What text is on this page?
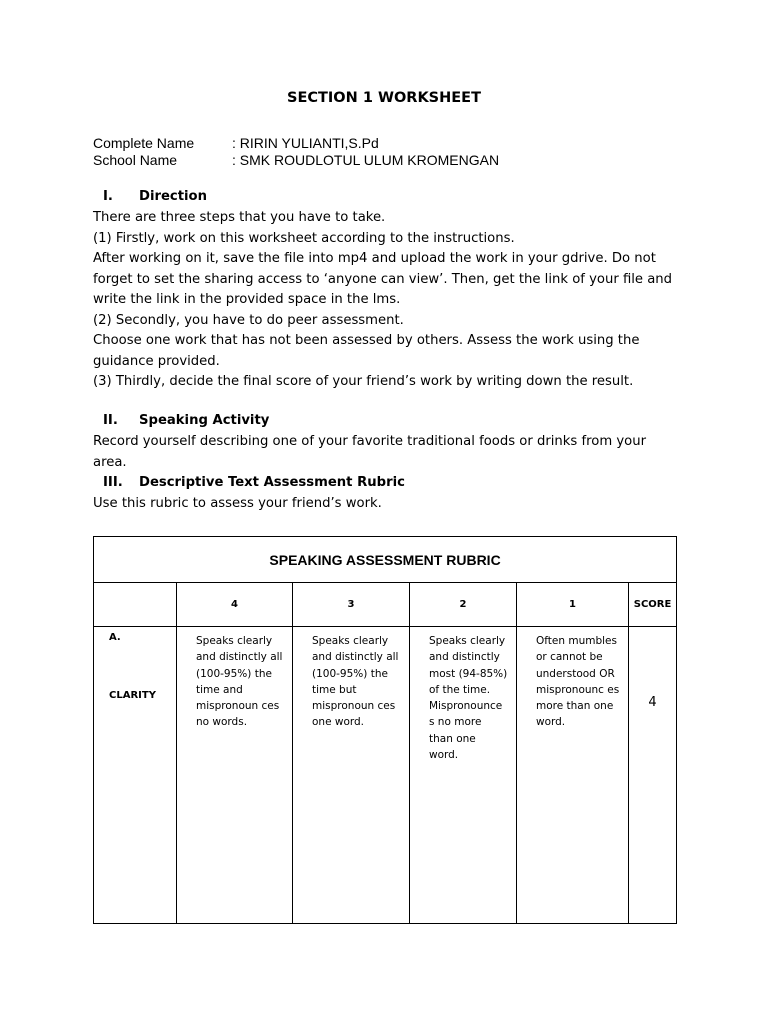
SECTION 1 WORKSHEET
Complete Name	: RIRIN YULIANTI,S.Pd
School Name	: SMK ROUDLOTUL ULUM KROMENGAN
I. Direction

There are three steps that you have to take.

(1) Firstly, work on this worksheet according to the instructions.

After working on it, save the file into mp4 and upload the work in your gdrive. Do not forget to set the sharing access to ‘anyone can view’. Then, get the link of your file and write the link in the provided space in the lms.

(2) Secondly, you have to do peer assessment.

Choose one work that has not been assessed by others. Assess the work using the guidance provided.

(3) Thirdly, decide the final score of your friend’s work by writing down the result.

II. Speaking Activity

Record yourself describing one of your favorite traditional foods or drinks from your area.

III. Descriptive Text Assessment Rubric

Use this rubric to assess your friend’s work.

SPEAKING ASSESSMENT RUBRIC					
	4	3	2	1	SCORE

A.
CLARITY	Speaks clearly and distinctly all (100-95%) the time and mispronoun ces no words.	Speaks clearly and distinctly all (100-95%) the time but mispronoun ces one word.	Speaks clearly and distinctly most (94-85%) of the time. Mispronounce s no more than one word.	Often mumbles or cannot be understood OR mispronounc es more than one word.	4
